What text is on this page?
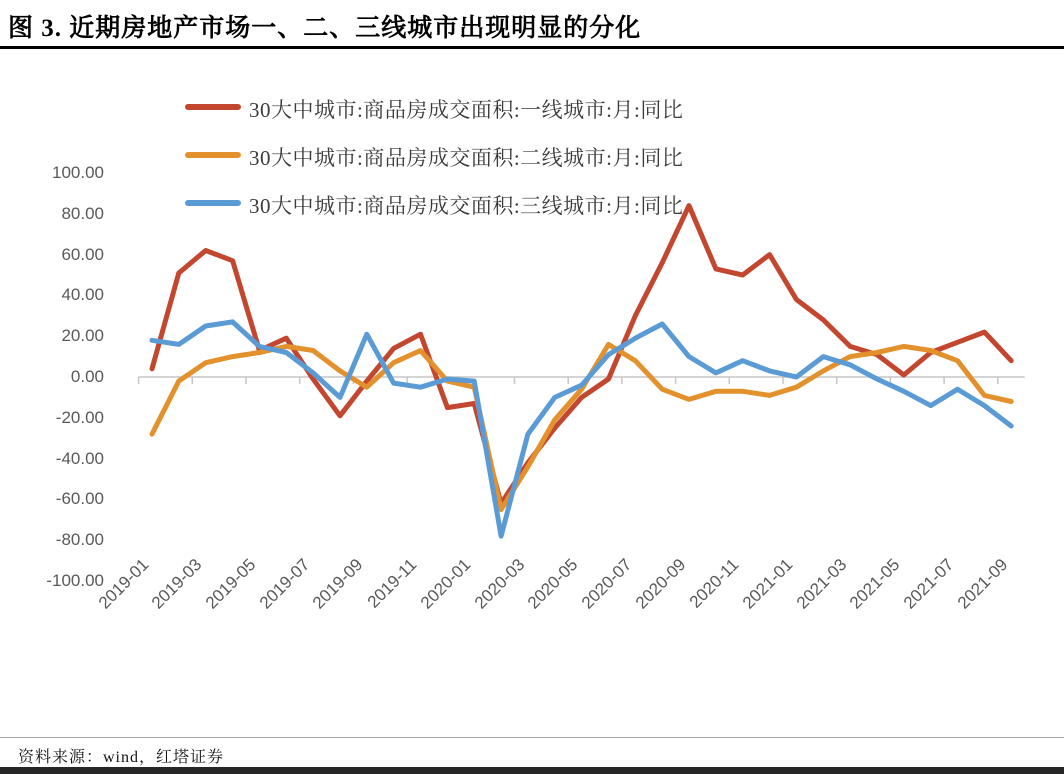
图 3. 近期房地产市场一、二、三线城市出现明显的分化
100.00
80.00
60.00
40.00
20.00
0.00
-20.00
-40.00
-60.00
-80.00
-100.00
2019-01
2019-03
2019-05
2019-07
2019-09
2019-11
2020-01
2020-03
2020-05
2020-07
2020-09
2020-11
2021-01
2021-03
2021-05
2021-07
2021-09
30大中城市:商品房成交面积:一线城市:月:同比
30大中城市:商品房成交面积:二线城市:月:同比
30大中城市:商品房成交面积:三线城市:月:同比
资料来源：wind，红塔证券
